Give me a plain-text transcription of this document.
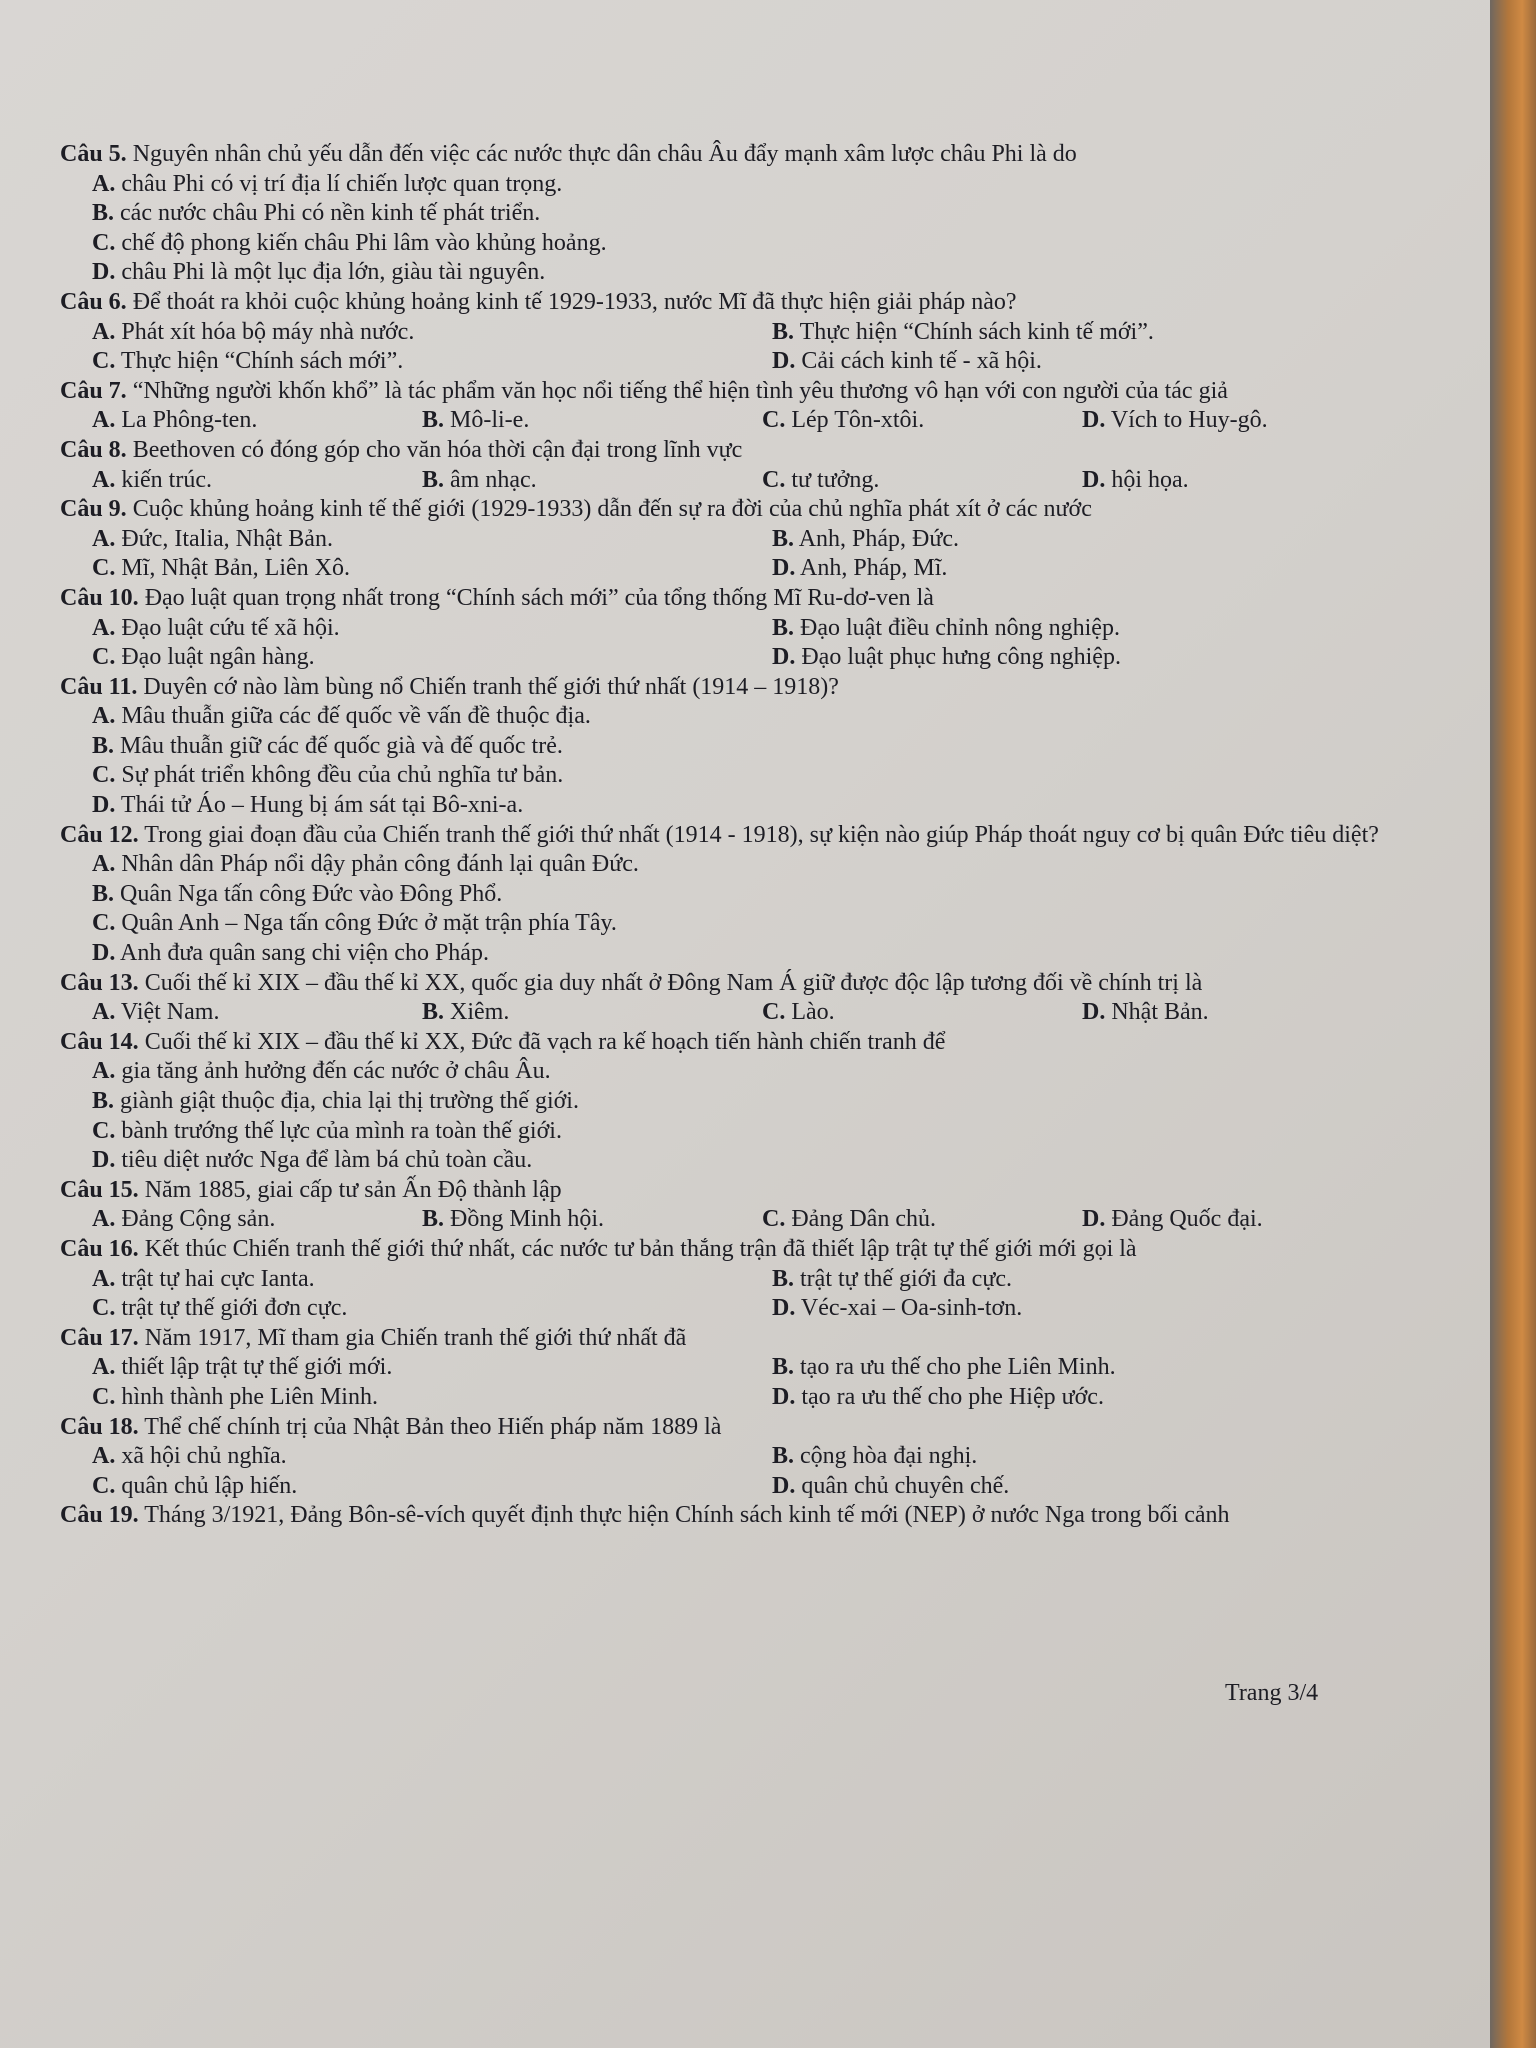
Câu 5. Nguyên nhân chủ yếu dẫn đến việc các nước thực dân châu Âu đẩy mạnh xâm lược châu Phi là do

A. châu Phi có vị trí địa lí chiến lược quan trọng.
B. các nước châu Phi có nền kinh tế phát triển.
C. chế độ phong kiến châu Phi lâm vào khủng hoảng.
D. châu Phi là một lục địa lớn, giàu tài nguyên.

Câu 6. Để thoát ra khỏi cuộc khủng hoảng kinh tế 1929-1933, nước Mĩ đã thực hiện giải pháp nào?

A. Phát xít hóa bộ máy nhà nước.	B. Thực hiện “Chính sách kinh tế mới”.
C. Thực hiện “Chính sách mới”.	D. Cải cách kinh tế - xã hội.

Câu 7. “Những người khốn khổ” là tác phẩm văn học nổi tiếng thể hiện tình yêu thương vô hạn với con người của tác giả

A. La Phông-ten.	B. Mô-li-e.	C. Lép Tôn-xtôi.	D. Vích to Huy-gô.

Câu 8. Beethoven có đóng góp cho văn hóa thời cận đại trong lĩnh vực

A. kiến trúc.	B. âm nhạc.	C. tư tưởng.	D. hội họa.

Câu 9. Cuộc khủng hoảng kinh tế thế giới (1929-1933) dẫn đến sự ra đời của chủ nghĩa phát xít ở các nước

A. Đức, Italia, Nhật Bản.	B. Anh, Pháp, Đức.
C. Mĩ, Nhật Bản, Liên Xô.	D. Anh, Pháp, Mĩ.

Câu 10. Đạo luật quan trọng nhất trong “Chính sách mới” của tổng thống Mĩ Ru-dơ-ven là

A. Đạo luật cứu tế xã hội.	B. Đạo luật điều chỉnh nông nghiệp.
C. Đạo luật ngân hàng.	D. Đạo luật phục hưng công nghiệp.

Câu 11. Duyên cớ nào làm bùng nổ Chiến tranh thế giới thứ nhất (1914 – 1918)?

A. Mâu thuẫn giữa các đế quốc về vấn đề thuộc địa.
B. Mâu thuẫn giữ các đế quốc già và đế quốc trẻ.
C. Sự phát triển không đều của chủ nghĩa tư bản.
D. Thái tử Áo – Hung bị ám sát tại Bô-xni-a.

Câu 12. Trong giai đoạn đầu của Chiến tranh thế giới thứ nhất (1914 - 1918), sự kiện nào giúp Pháp thoát nguy cơ bị quân Đức tiêu diệt?

A. Nhân dân Pháp nổi dậy phản công đánh lại quân Đức.
B. Quân Nga tấn công Đức vào Đông Phổ.
C. Quân Anh – Nga tấn công Đức ở mặt trận phía Tây.
D. Anh đưa quân sang chi viện cho Pháp.

Câu 13. Cuối thế kỉ XIX – đầu thế kỉ XX, quốc gia duy nhất ở Đông Nam Á giữ được độc lập tương đối về chính trị là

A. Việt Nam.	B. Xiêm.	C. Lào.	D. Nhật Bản.

Câu 14. Cuối thế kỉ XIX – đầu thế kỉ XX, Đức đã vạch ra kế hoạch tiến hành chiến tranh để

A. gia tăng ảnh hưởng đến các nước ở châu Âu.
B. giành giật thuộc địa, chia lại thị trường thế giới.
C. bành trướng thế lực của mình ra toàn thế giới.
D. tiêu diệt nước Nga để làm bá chủ toàn cầu.

Câu 15. Năm 1885, giai cấp tư sản Ấn Độ thành lập

A. Đảng Cộng sản.	B. Đồng Minh hội.	C. Đảng Dân chủ.	D. Đảng Quốc đại.

Câu 16. Kết thúc Chiến tranh thế giới thứ nhất, các nước tư bản thắng trận đã thiết lập trật tự thế giới mới gọi là

A. trật tự hai cực Ianta.	B. trật tự thế giới đa cực.
C. trật tự thế giới đơn cực.	D. Véc-xai – Oa-sinh-tơn.

Câu 17. Năm 1917, Mĩ tham gia Chiến tranh thế giới thứ nhất đã

A. thiết lập trật tự thế giới mới.	B. tạo ra ưu thế cho phe Liên Minh.
C. hình thành phe Liên Minh.	D. tạo ra ưu thế cho phe Hiệp ước.

Câu 18. Thể chế chính trị của Nhật Bản theo Hiến pháp năm 1889 là

A. xã hội chủ nghĩa.	B. cộng hòa đại nghị.
C. quân chủ lập hiến.	D. quân chủ chuyên chế.

Câu 19. Tháng 3/1921, Đảng Bôn-sê-vích quyết định thực hiện Chính sách kinh tế mới (NEP) ở nước Nga trong bối cảnh

Trang 3/4
